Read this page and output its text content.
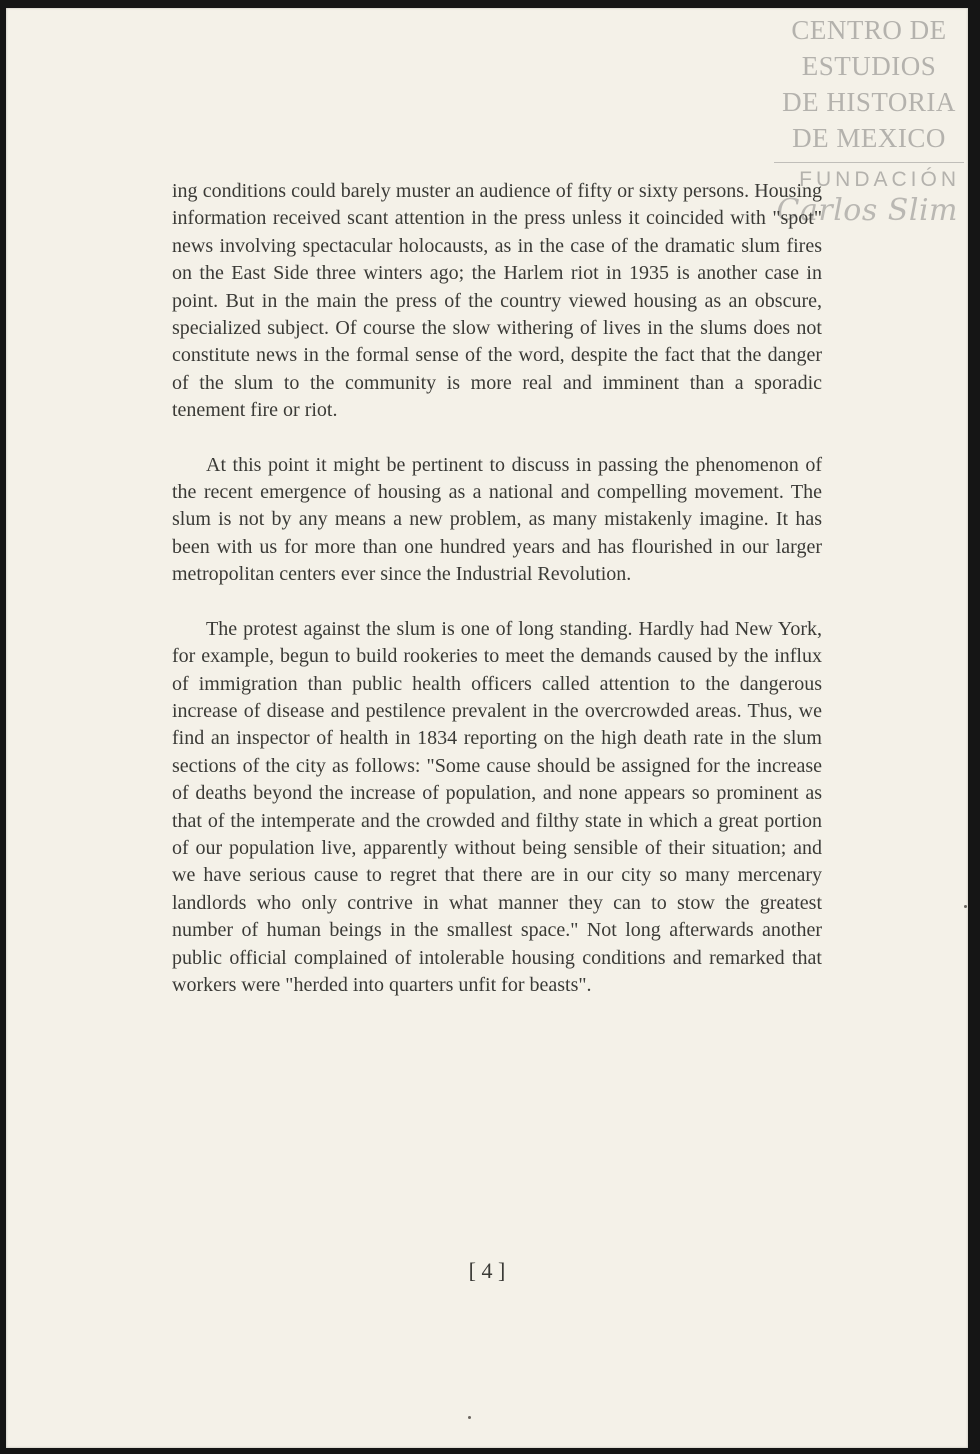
CENTRO DE
ESTUDIOS
DE HISTORIA
DE MEXICO
FUNDACIÓN
Carlos Slim

ing conditions could barely muster an audience of fifty or sixty persons. Housing information received scant attention in the press unless it coincided with "spot" news involving spectacular holocausts, as in the case of the dramatic slum fires on the East Side three winters ago; the Harlem riot in 1935 is another case in point. But in the main the press of the country viewed housing as an obscure, specialized subject. Of course the slow withering of lives in the slums does not constitute news in the formal sense of the word, despite the fact that the danger of the slum to the community is more real and imminent than a sporadic tenement fire or riot.

At this point it might be pertinent to discuss in passing the phenomenon of the recent emergence of housing as a national and compelling movement. The slum is not by any means a new problem, as many mistakenly imagine. It has been with us for more than one hundred years and has flourished in our larger metropolitan centers ever since the Industrial Revolution.

The protest against the slum is one of long standing. Hardly had New York, for example, begun to build rookeries to meet the demands caused by the influx of immigration than public health officers called attention to the dangerous increase of disease and pestilence prevalent in the overcrowded areas. Thus, we find an inspector of health in 1834 reporting on the high death rate in the slum sections of the city as follows: "Some cause should be assigned for the increase of deaths beyond the increase of population, and none appears so prominent as that of the intemperate and the crowded and filthy state in which a great portion of our population live, apparently without being sensible of their situation; and we have serious cause to regret that there are in our city so many mercenary landlords who only contrive in what manner they can to stow the greatest number of human beings in the smallest space." Not long afterwards another public official complained of intolerable housing conditions and remarked that workers were "herded into quarters unfit for beasts".

[ 4 ]
